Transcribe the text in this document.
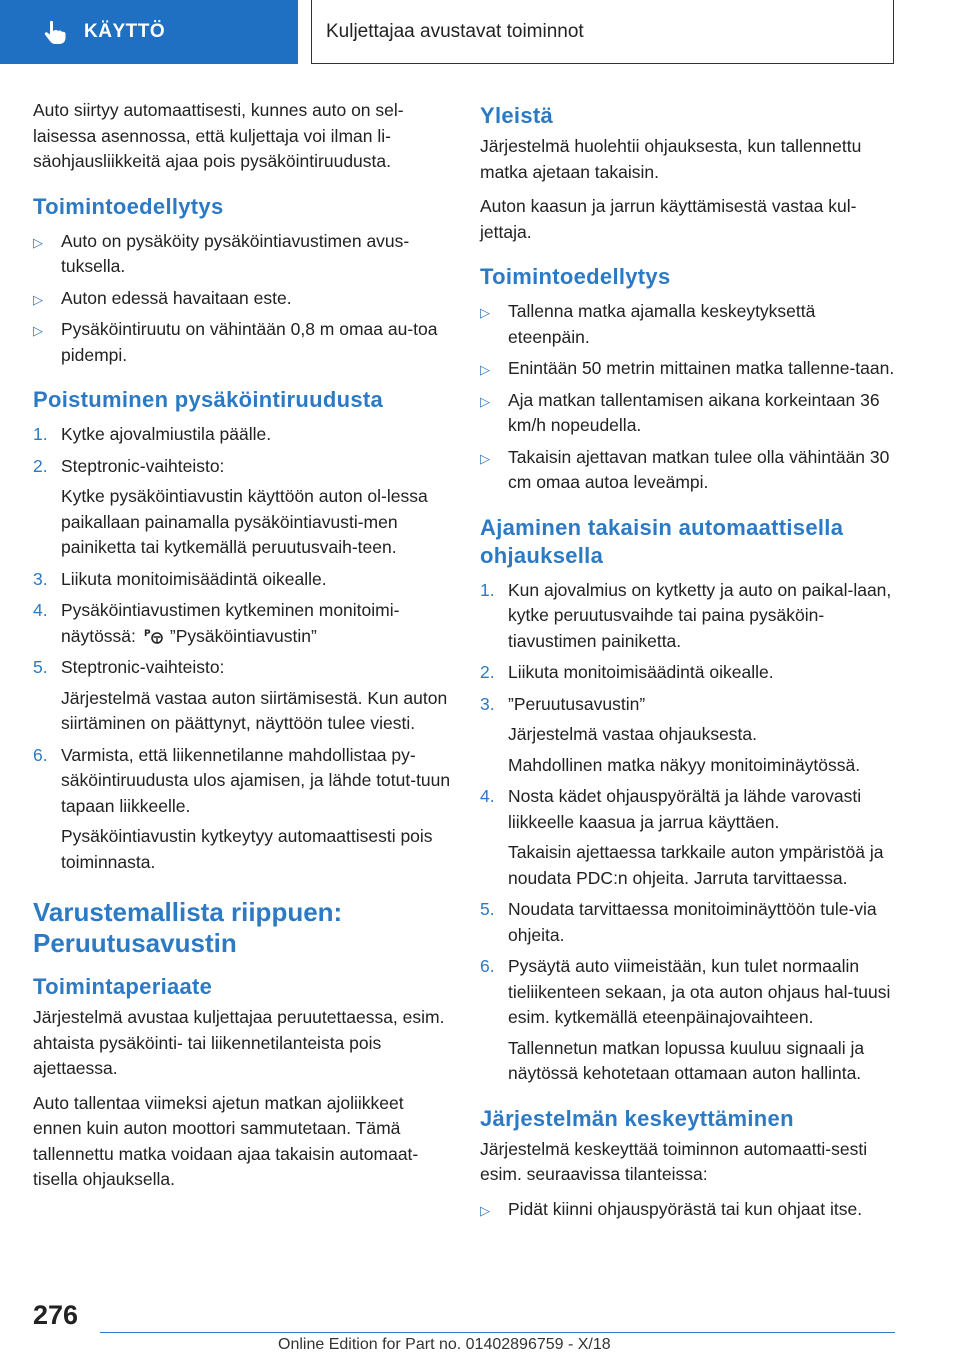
KÄYTTÖ	Kuljettajaa avustavat toiminnot

Auto siirtyy automaattisesti, kunnes auto on sel-laisessa asennossa, että kuljettaja voi ilman li-säohjausliikkeitä ajaa pois pysäköintiruudusta.

Toimintoedellytys
▷ Auto on pysäköity pysäköintiavustimen avus-tuksella.
▷ Auton edessä havaitaan este.
▷ Pysäköintiruutu on vähintään 0,8 m omaa au-toa pidempi.
Poistuminen pysäköintiruudusta
1. Kytke ajovalmiustila päälle.
2. Steptronic-vaihteisto:
Kytke pysäköintiavustin käyttöön auton ol-lessa paikallaan painamalla pysäköintiavusti-men painiketta tai kytkemällä peruutusvaih-teen.
3. Liikuta monitoimisäädintä oikealle.
4. Pysäköintiavustimen kytkeminen monitoimi-näytössä: P ”Pysäköintiavustin”
5. Steptronic-vaihteisto:
Järjestelmä vastaa auton siirtämisestä. Kun auton siirtäminen on päättynyt, näyttöön tulee viesti.
6. Varmista, että liikennetilanne mahdollistaa py-säköintiruudusta ulos ajamisen, ja lähde totut-tuun tapaan liikkeelle.
Pysäköintiavustin kytkeytyy automaattisesti pois toiminnasta.
Varustemallista riippuen: Peruutusavustin
Toimintaperiaate

Järjestelmä avustaa kuljettajaa peruutettaessa, esim. ahtaista pysäköinti- tai liikennetilanteista pois ajettaessa.

Auto tallentaa viimeksi ajetun matkan ajoliikkeet ennen kuin auton moottori sammutetaan. Tämä tallennettu matka voidaan ajaa takaisin automaat-tisella ohjauksella.

Yleistä

Järjestelmä huolehtii ohjauksesta, kun tallennettu matka ajetaan takaisin.

Auton kaasun ja jarrun käyttämisestä vastaa kul-jettaja.

Toimintoedellytys
▷ Tallenna matka ajamalla keskeytyksettä eteenpäin.
▷ Enintään 50 metrin mittainen matka tallenne-taan.
▷ Aja matkan tallentamisen aikana korkeintaan 36 km/h nopeudella.
▷ Takaisin ajettavan matkan tulee olla vähintään 30 cm omaa autoa leveämpi.
Ajaminen takaisin automaattisella ohjauksella
1. Kun ajovalmius on kytketty ja auto on paikal-laan, kytke peruutusvaihde tai paina pysäköin-tiavustimen painiketta.
2. Liikuta monitoimisäädintä oikealle.
3. ”Peruutusavustin”
Järjestelmä vastaa ohjauksesta.
Mahdollinen matka näkyy monitoiminäytössä.
4. Nosta kädet ohjauspyörältä ja lähde varovasti liikkeelle kaasua ja jarrua käyttäen.
Takaisin ajettaessa tarkkaile auton ympäristöä ja noudata PDC:n ohjeita. Jarruta tarvittaessa.
5. Noudata tarvittaessa monitoiminäyttöön tule-via ohjeita.
6. Pysäytä auto viimeistään, kun tulet normaalin tieliikenteen sekaan, ja ota auton ohjaus hal-tuusi esim. kytkemällä eteenpäinajovaihteen.
Tallennetun matkan lopussa kuuluu signaali ja näytössä kehotetaan ottamaan auton hallinta.
Järjestelmän keskeyttäminen

Järjestelmä keskeyttää toiminnon automaatti-sesti esim. seuraavissa tilanteissa:

▷ Pidät kiinni ohjauspyörästä tai kun ohjaat itse.
276
Online Edition for Part no. 01402896759 - X/18
